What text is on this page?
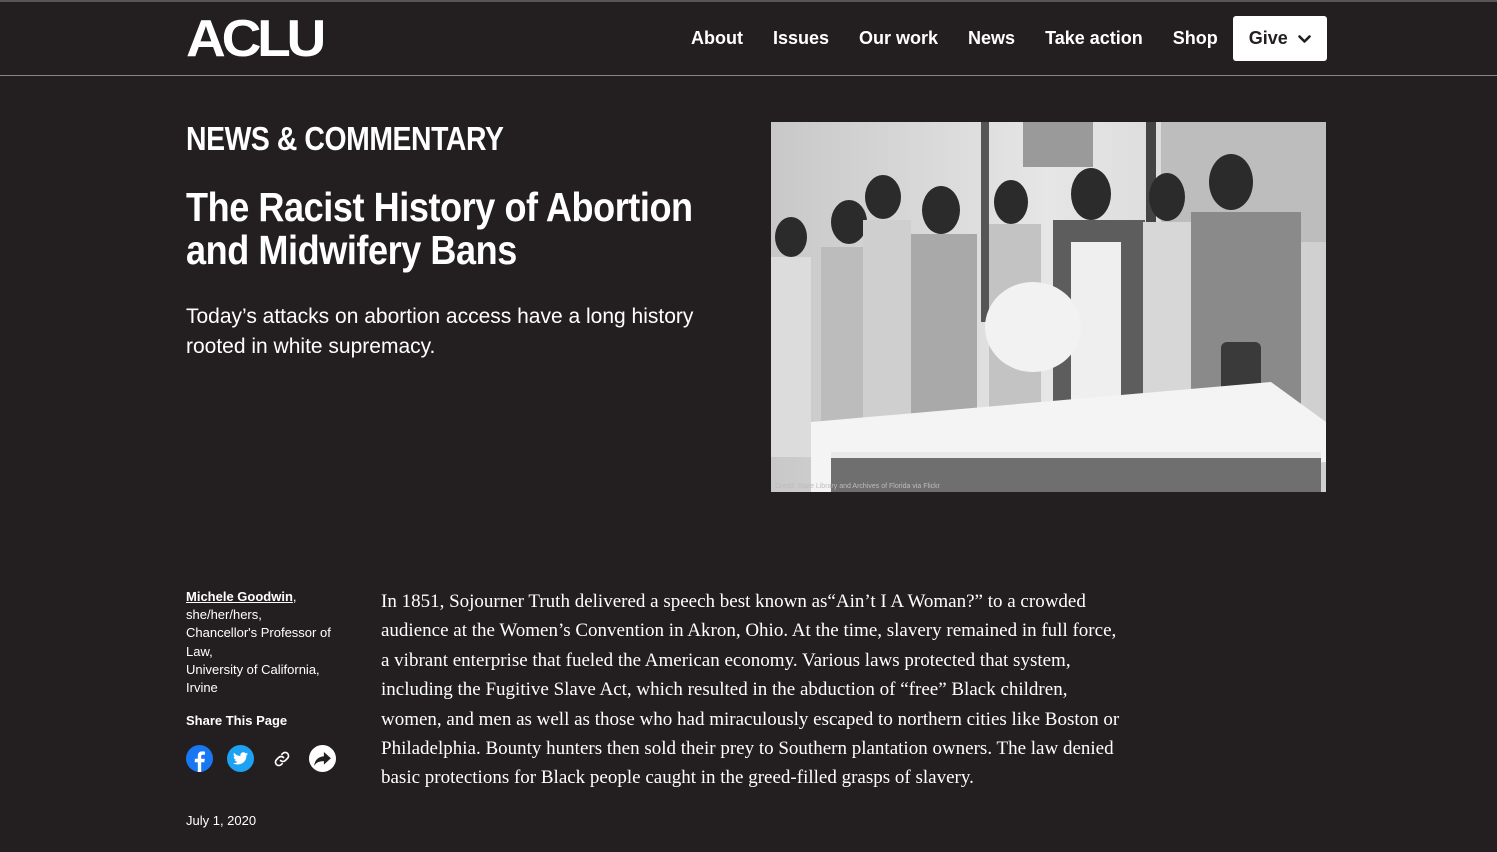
ACLU	About	Issues	Our work	News	Take action	Shop	Give
NEWS & COMMENTARY
The Racist History of Abortion and Midwifery Bans
Today’s attacks on abortion access have a long history rooted in white supremacy.
Credit: State Library and Archives of Florida via Flickr
Michele Goodwin,
she/her/hers,
Chancellor's Professor of Law,
University of California, Irvine
Share This Page
July 1, 2020

In 1851, Sojourner Truth delivered a speech best known as“Ain’t I A Woman?” to a crowded audience at the Women’s Convention in Akron, Ohio. At the time, slavery remained in full force, a vibrant enterprise that fueled the American economy. Various laws protected that system, including the Fugitive Slave Act, which resulted in the abduction of “free” Black children, women, and men as well as those who had miraculously escaped to northern cities like Boston or Philadelphia. Bounty hunters then sold their prey to Southern plantation owners. The law denied basic protections for Black people caught in the greed-filled grasps of slavery.
